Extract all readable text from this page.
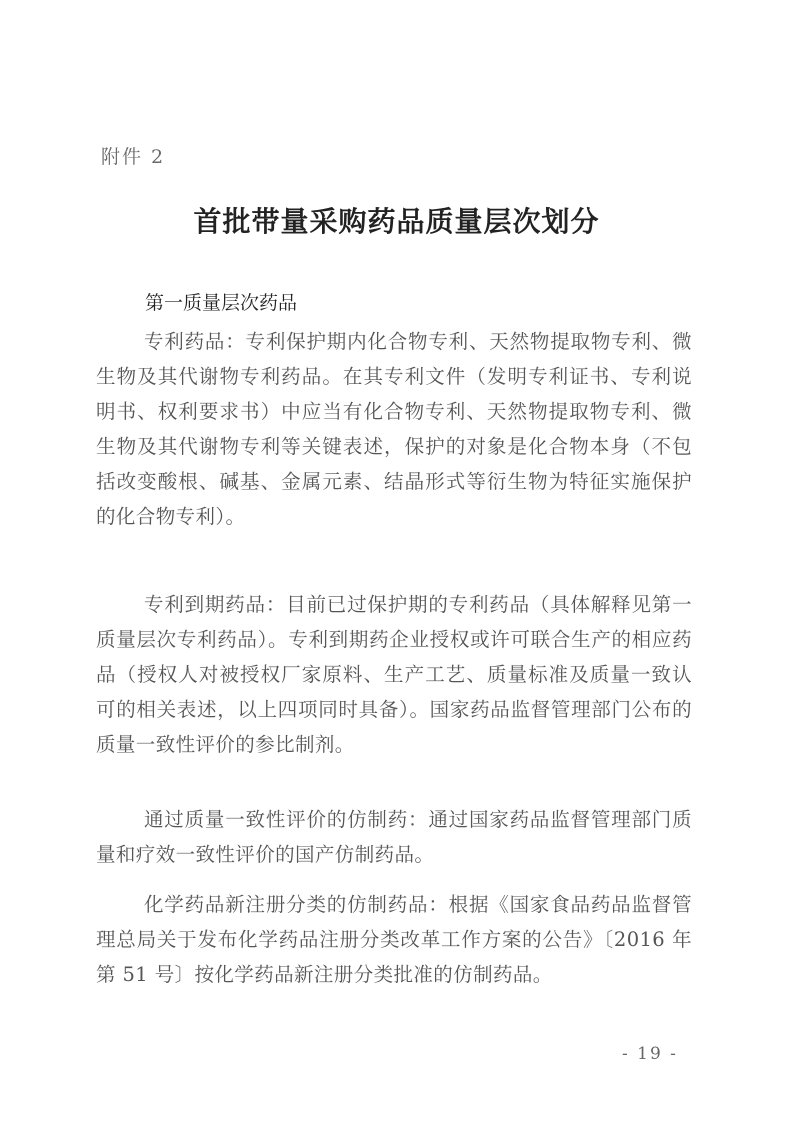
附件 2
首批带量采购药品质量层次划分
第一质量层次药品

专利药品：专利保护期内化合物专利、天然物提取物专利、微生物及其代谢物专利药品。在其专利文件（发明专利证书、专利说明书、权利要求书）中应当有化合物专利、天然物提取物专利、微生物及其代谢物专利等关键表述，保护的对象是化合物本身（不包括改变酸根、碱基、金属元素、结晶形式等衍生物为特征实施保护的化合物专利）。

专利到期药品：目前已过保护期的专利药品（具体解释见第一质量层次专利药品）。专利到期药企业授权或许可联合生产的相应药品（授权人对被授权厂家原料、生产工艺、质量标准及质量一致认可的相关表述，以上四项同时具备）。国家药品监督管理部门公布的质量一致性评价的参比制剂。

通过质量一致性评价的仿制药：通过国家药品监督管理部门质量和疗效一致性评价的国产仿制药品。

化学药品新注册分类的仿制药品：根据《国家食品药品监督管理总局关于发布化学药品注册分类改革工作方案的公告》〔2016 年第 51 号〕按化学药品新注册分类批准的仿制药品。

- 19 -
